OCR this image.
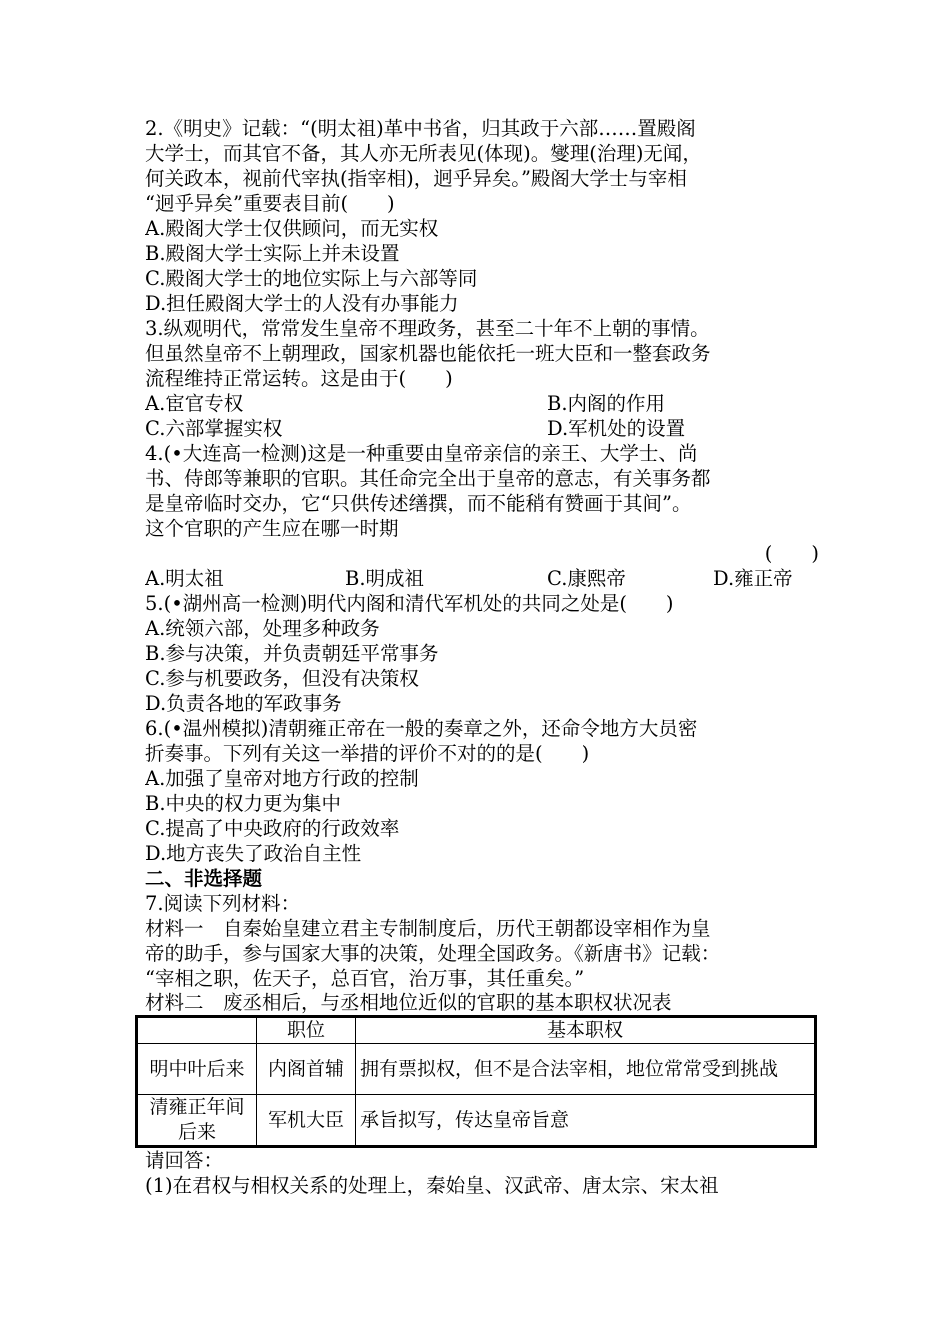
2.《明史》记载：“(明太祖)革中书省，归其政于六部……置殿阁
大学士，而其官不备，其人亦无所表见(体现)。燮理(治理)无闻，
何关政本，视前代宰执(指宰相)，迥乎异矣。”殿阁大学士与宰相
“迥乎异矣”重要表目前(　　)
A.殿阁大学士仅供顾问，而无实权
B.殿阁大学士实际上并未设置
C.殿阁大学士的地位实际上与六部等同
D.担任殿阁大学士的人没有办事能力
3.纵观明代，常常发生皇帝不理政务，甚至二十年不上朝的事情。
但虽然皇帝不上朝理政，国家机器也能依托一班大臣和一整套政务
流程维持正常运转。这是由于(　　)
A.宦官专权	B.内阁的作用
C.六部掌握实权	D.军机处的设置
4.(•大连高一检测)这是一种重要由皇帝亲信的亲王、大学士、尚
书、侍郎等兼职的官职。其任命完全出于皇帝的意志，有关事务都
是皇帝临时交办，它“只供传述缮撰，而不能稍有赞画于其间”。
这个官职的产生应在哪一时期
(　　)
A.明太祖	B.明成祖	C.康熙帝	D.雍正帝
5.(•湖州高一检测)明代内阁和清代军机处的共同之处是(　　)
A.统领六部，处理多种政务
B.参与决策，并负责朝廷平常事务
C.参与机要政务，但没有决策权
D.负责各地的军政事务
6.(•温州模拟)清朝雍正帝在一般的奏章之外，还命令地方大员密
折奏事。下列有关这一举措的评价不对的的是(　　)
A.加强了皇帝对地方行政的控制
B.中央的权力更为集中
C.提高了中央政府的行政效率
D.地方丧失了政治自主性
二、非选择题
7.阅读下列材料：
材料一　自秦始皇建立君主专制制度后，历代王朝都设宰相作为皇
帝的助手，参与国家大事的决策，处理全国政务。《新唐书》记载：
“宰相之职，佐天子，总百官，治万事，其任重矣。”
材料二　废丞相后，与丞相地位近似的官职的基本职权状况表
	职位	基本职权
明中叶后来	内阁首辅	拥有票拟权，但不是合法宰相，地位常常受到挑战
清雍正年间后来	军机大臣	承旨拟写，传达皇帝旨意
请回答：
(1)在君权与相权关系的处理上，秦始皇、汉武帝、唐太宗、宋太祖
